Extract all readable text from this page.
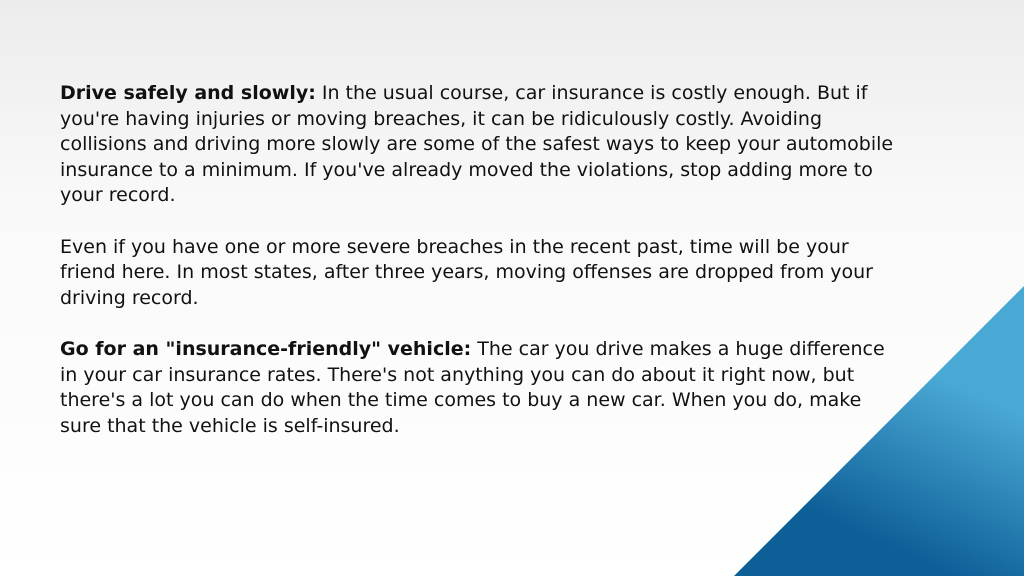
Drive safely and slowly: In the usual course, car insurance is costly enough. But if you're having injuries or moving breaches, it can be ridiculously costly. Avoiding collisions and driving more slowly are some of the safest ways to keep your automobile insurance to a minimum. If you've already moved the violations, stop adding more to your record.

Even if you have one or more severe breaches in the recent past, time will be your friend here. In most states, after three years, moving offenses are dropped from your driving record.

Go for an "insurance-friendly" vehicle: The car you drive makes a huge difference in your car insurance rates. There's not anything you can do about it right now, but there's a lot you can do when the time comes to buy a new car. When you do, make sure that the vehicle is self-insured.
